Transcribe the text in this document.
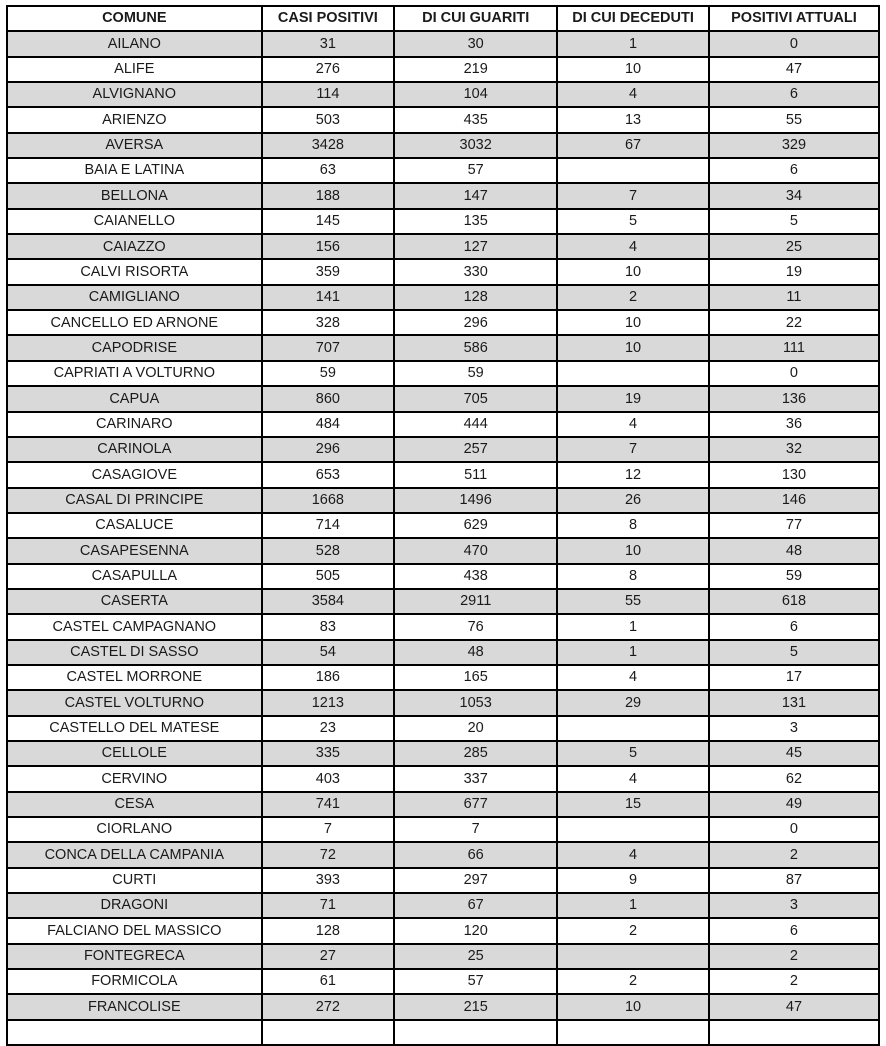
COMUNE	CASI POSITIVI	DI CUI GUARITI	DI CUI DECEDUTI	POSITIVI ATTUALI
AILANO	31	30	1	0
ALIFE	276	219	10	47
ALVIGNANO	114	104	4	6
ARIENZO	503	435	13	55
AVERSA	3428	3032	67	329
BAIA E LATINA	63	57		6
BELLONA	188	147	7	34
CAIANELLO	145	135	5	5
CAIAZZO	156	127	4	25
CALVI RISORTA	359	330	10	19
CAMIGLIANO	141	128	2	11
CANCELLO ED ARNONE	328	296	10	22
CAPODRISE	707	586	10	111
CAPRIATI A VOLTURNO	59	59		0
CAPUA	860	705	19	136
CARINARO	484	444	4	36
CARINOLA	296	257	7	32
CASAGIOVE	653	511	12	130
CASAL DI PRINCIPE	1668	1496	26	146
CASALUCE	714	629	8	77
CASAPESENNA	528	470	10	48
CASAPULLA	505	438	8	59
CASERTA	3584	2911	55	618
CASTEL CAMPAGNANO	83	76	1	6
CASTEL DI SASSO	54	48	1	5
CASTEL MORRONE	186	165	4	17
CASTEL VOLTURNO	1213	1053	29	131
CASTELLO DEL MATESE	23	20		3
CELLOLE	335	285	5	45
CERVINO	403	337	4	62
CESA	741	677	15	49
CIORLANO	7	7		0
CONCA DELLA CAMPANIA	72	66	4	2
CURTI	393	297	9	87
DRAGONI	71	67	1	3
FALCIANO DEL MASSICO	128	120	2	6
FONTEGRECA	27	25		2
FORMICOLA	61	57	2	2
FRANCOLISE	272	215	10	47
